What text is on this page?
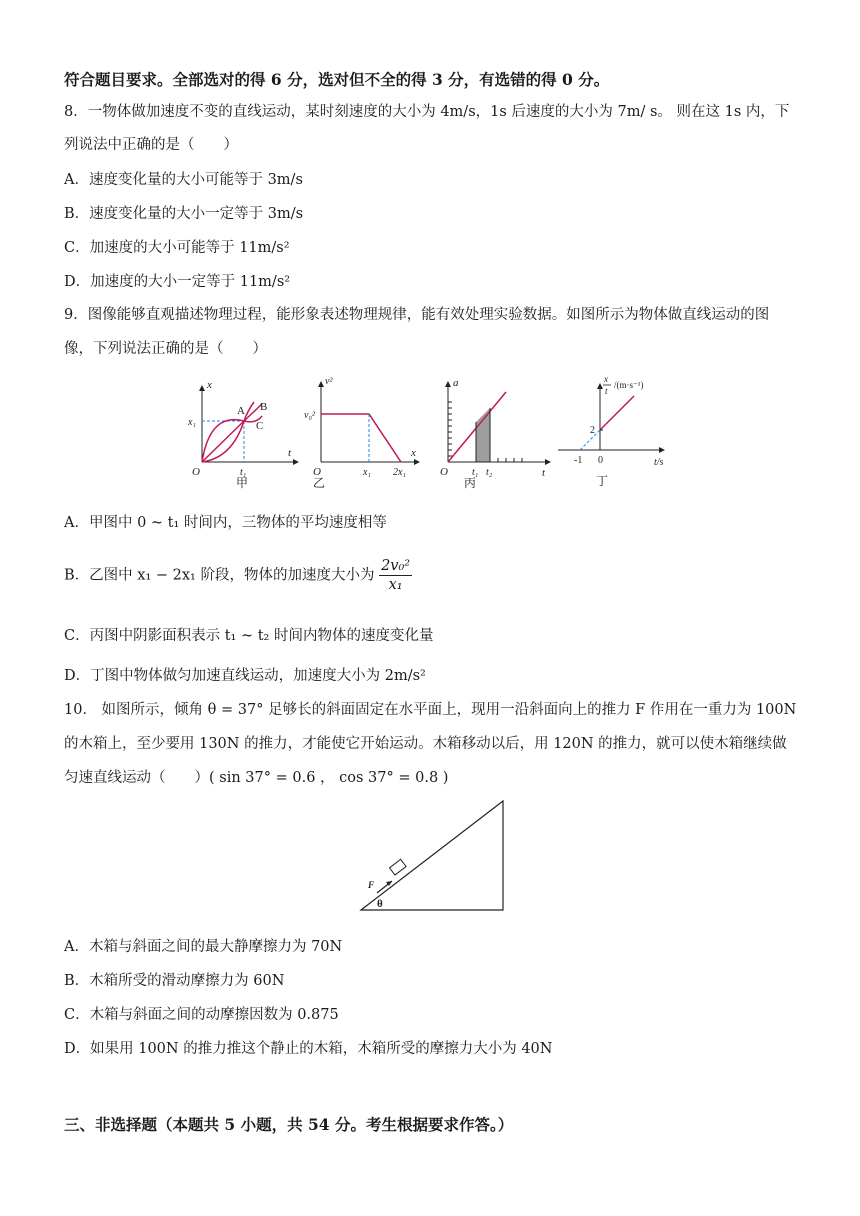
符合题目要求。全部选对的得 6 分，选对但不全的得 3 分，有选错的得 0 分。
8．一物体做加速度不变的直线运动，某时刻速度的大小为 4m/s，1s 后速度的大小为 7m/ s。 则在这 1s 内，下
列说法中正确的是（　　）
A．速度变化量的大小可能等于 3m/s
B．速度变化量的大小一定等于 3m/s
C．加速度的大小可能等于 11m/s²
D．加速度的大小一定等于 11m/s²
9．图像能够直观描述物理过程，能形象表述物理规律，能有效处理实验数据。如图所示为物体做直线运动的图
像，下列说法正确的是（　　）
x
t
O
x₁
t₁
A B
C
甲
v²
x
O
v₀²
x₁ 2x₁
乙
a
t
O t₁ t₂
丙
x
t
/(m·s⁻¹)
t/s
2
-1 0
丁
A．甲图中 0 ~ t₁ 时间内，三物体的平均速度相等
B．乙图中 x₁ − 2x₁ 阶段，物体的加速度大小为 $\frac{\text{2v₀²}}{\text{x₁}}$
C．丙图中阴影面积表示 t₁ ~ t₂ 时间内物体的速度变化量
D．丁图中物体做匀加速直线运动，加速度大小为 2m/s²
10． 如图所示，倾角 θ = 37° 足够长的斜面固定在水平面上，现用一沿斜面向上的推力 F 作用在一重力为 100N
的木箱上，至少要用 130N 的推力，才能使它开始运动。木箱移动以后，用 120N 的推力，就可以使木箱继续做
匀速直线运动（　　）( sin 37° = 0.6 ， cos 37° = 0.8 )
F
θ
A．木箱与斜面之间的最大静摩擦力为 70N
B．木箱所受的滑动摩擦力为 60N
C．木箱与斜面之间的动摩擦因数为 0.875
D．如果用 100N 的推力推这个静止的木箱，木箱所受的摩擦力大小为 40N
三、非选择题（本题共 5 小题，共 54 分。考生根据要求作答。）
